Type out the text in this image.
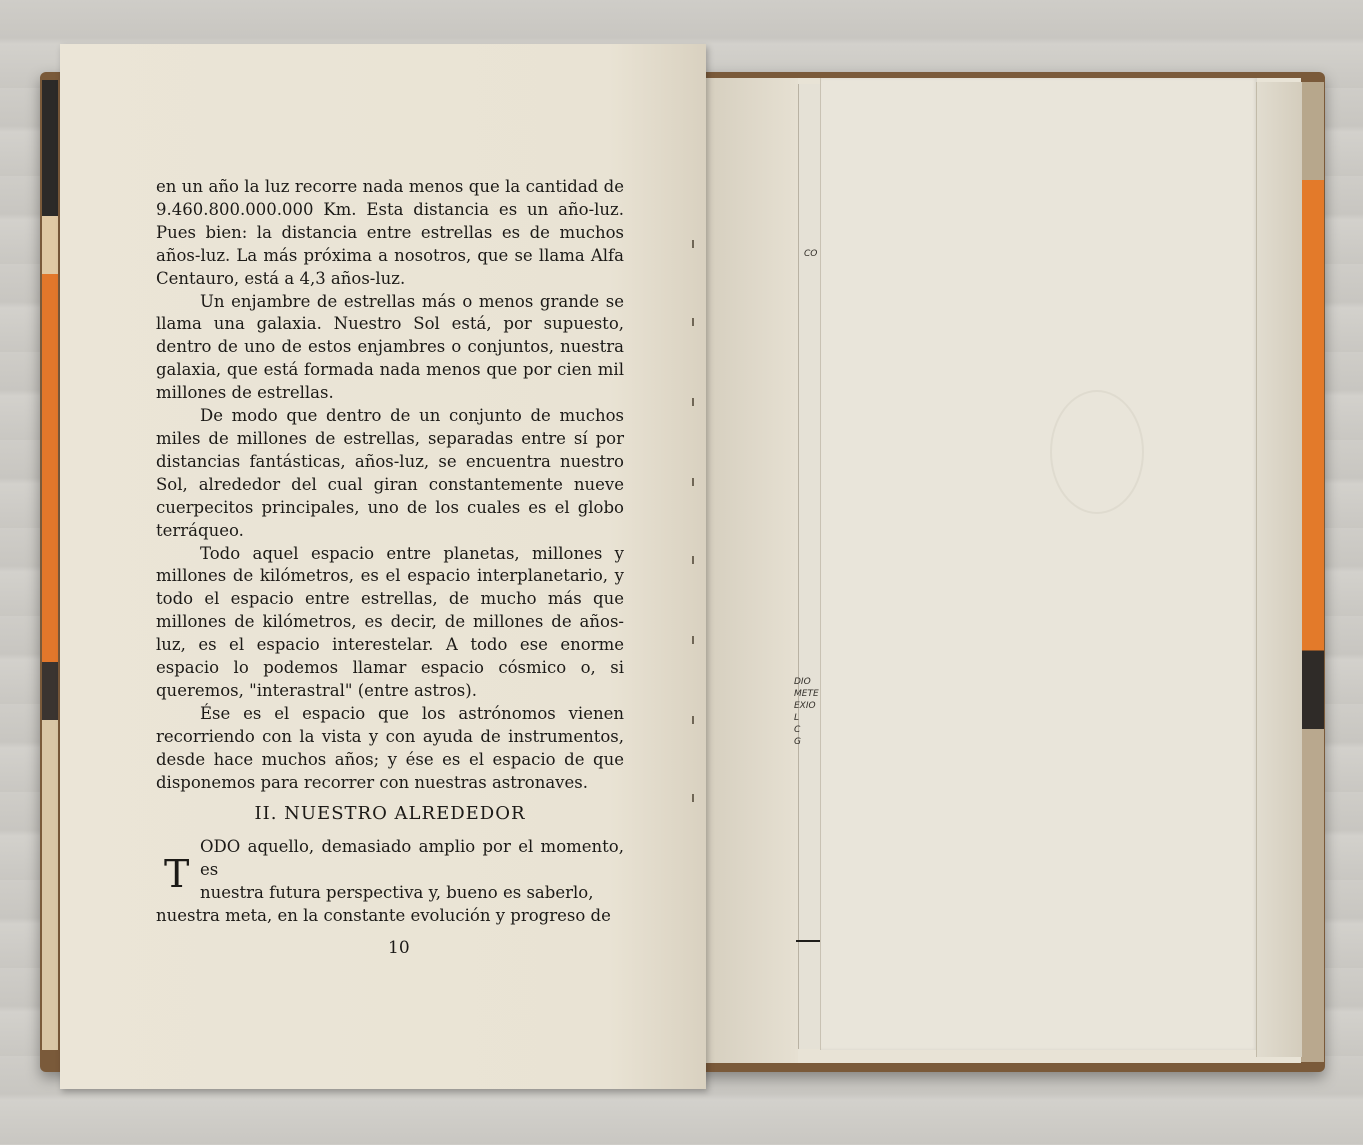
CO
DIO
METE
EXIO
L
C
G

en un año la luz recorre nada menos que la cantidad de 9.460.800.000.000 Km. Esta distancia es un año-luz. Pues bien: la distancia entre estrellas es de muchos años-luz. La más próxima a nosotros, que se llama Alfa Centauro, está a 4,3 años-luz.

Un enjambre de estrellas más o menos grande se llama una galaxia. Nuestro Sol está, por supuesto, dentro de uno de estos enjambres o conjuntos, nuestra galaxia, que está formada nada menos que por cien mil millones de estrellas.

De modo que dentro de un conjunto de muchos miles de millones de estrellas, separadas entre sí por distancias fantásticas, años-luz, se encuentra nuestro Sol, alrededor del cual giran constantemente nueve cuerpecitos principales, uno de los cuales es el globo terráqueo.

Todo aquel espacio entre planetas, millones y millones de kilómetros, es el espacio interplanetario, y todo el espacio entre estrellas, de mucho más que millones de kilómetros, es decir, de millones de años-luz, es el espacio interestelar. A todo ese enorme espacio lo podemos llamar espacio cósmico o, si queremos, "interastral" (entre astros).

Ése es el espacio que los astrónomos vienen recorriendo con la vista y con ayuda de instrumentos, desde hace muchos años; y ése es el espacio de que disponemos para recorrer con nuestras astronaves.

II. NUESTRO ALREDEDOR
T
ODO aquello, demasiado amplio por el momento, es
nuestra futura perspectiva y, bueno es saberlo,
nuestra meta, en la constante evolución y progreso de
10
